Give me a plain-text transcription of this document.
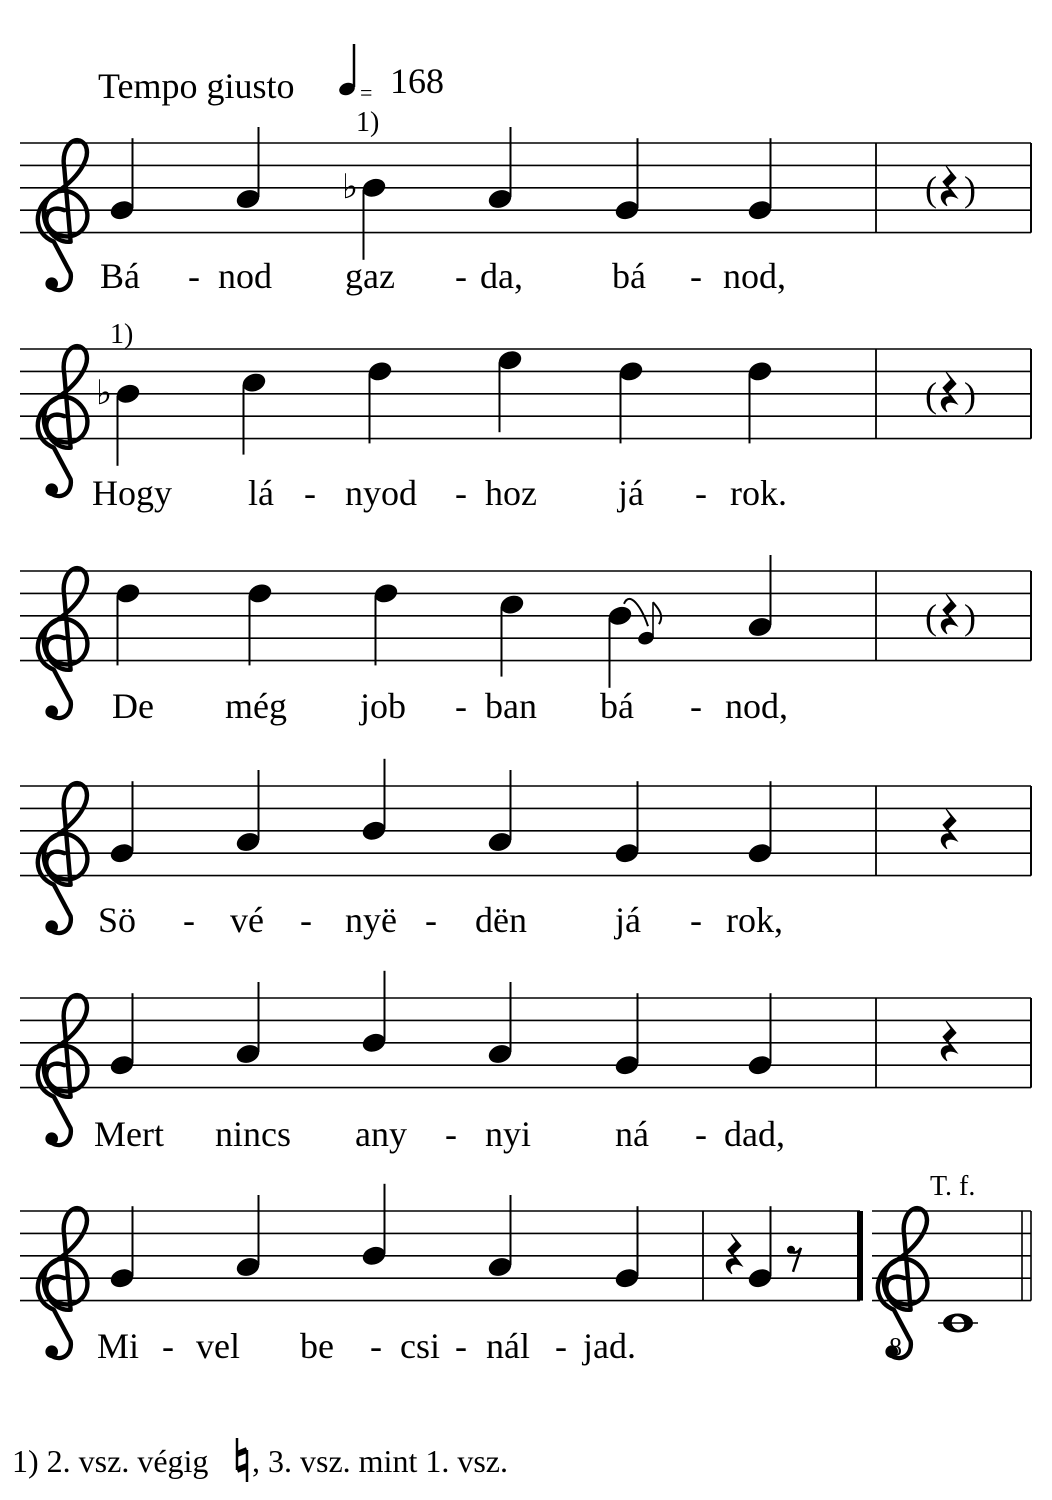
Tempo giusto	= 168
♭
1)
( )
Bá - nod gaz - da, bá - nod,
♭
1)
( )
Hogy lá - nyod - hoz já - rok.
( )
De még job - ban bá - nod,
Sö - vé - nyë - dën já - rok,
Mert nincs any - nyi ná - dad,
8
T. f.
Mi - vel be - csi - nál - jad.
1) 2. vsz. végig , 3. vsz. mint 1. vsz.
